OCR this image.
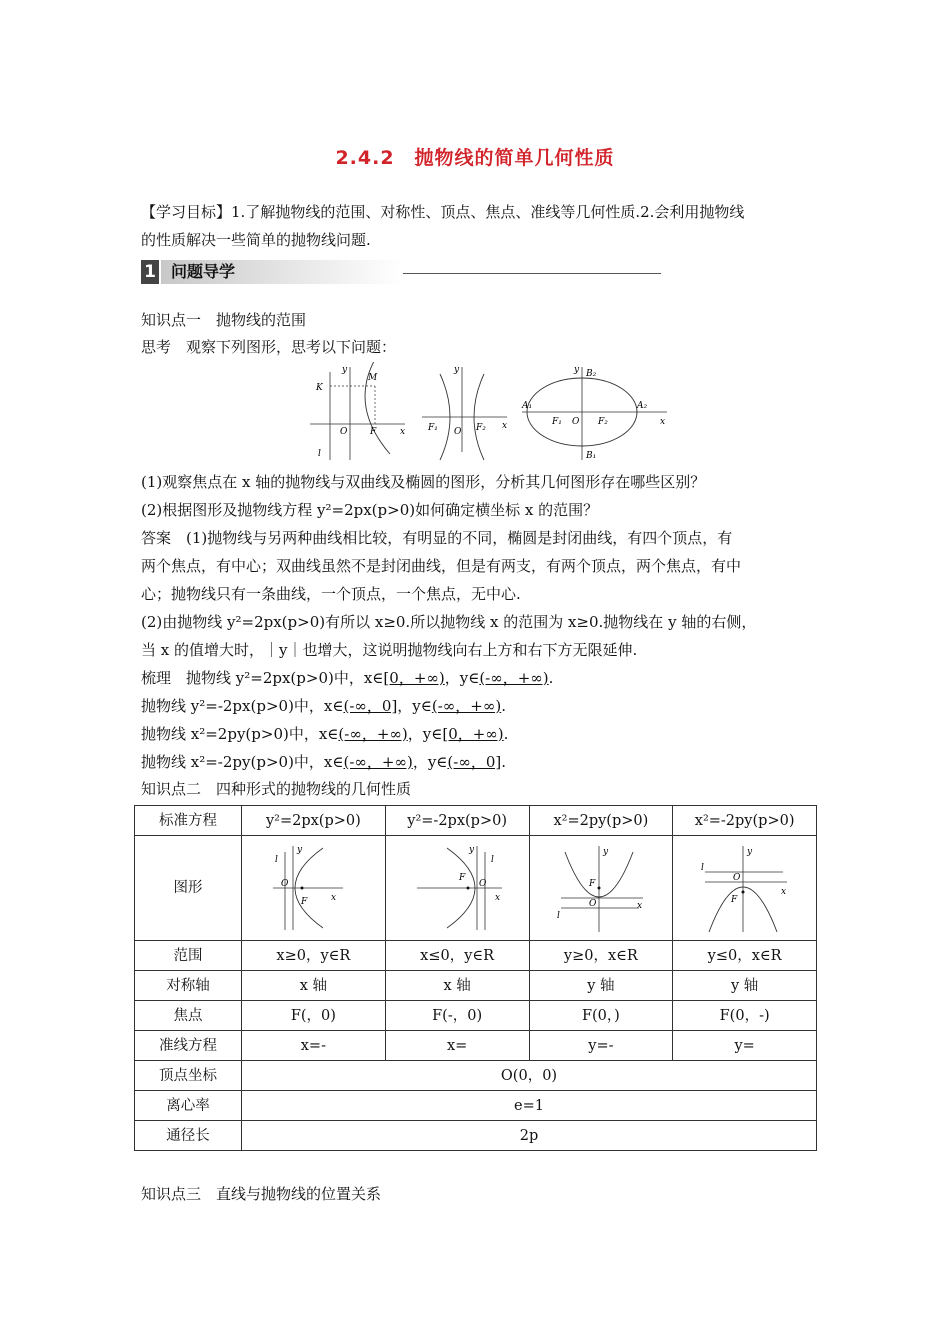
2.4.2　抛物线的简单几何性质
【学习目标】1.了解抛物线的范围、对称性、顶点、焦点、准线等几何性质.2.会利用抛物线
的性质解决一些简单的抛物线问题.
1 问题导学
知识点一　抛物线的范围
思考　观察下列图形，思考以下问题：
K
y
M
O	F	x
l
y
F₁ O F₂ x
y B₂
A₁	A₂
F₁ O F₂	x
B₁
(1)观察焦点在 x 轴的抛物线与双曲线及椭圆的图形，分析其几何图形存在哪些区别？
(2)根据图形及抛物线方程 y²=2px(p>0)如何确定横坐标 x 的范围？
答案　(1)抛物线与另两种曲线相比较，有明显的不同，椭圆是封闭曲线，有四个顶点，有
两个焦点，有中心；双曲线虽然不是封闭曲线，但是有两支，有两个顶点，两个焦点，有中
心；抛物线只有一条曲线，一个顶点，一个焦点，无中心.
(2)由抛物线 y²=2px(p>0)有所以 x≥0.所以抛物线 x 的范围为 x≥0.抛物线在 y 轴的右侧，
当 x 的值增大时，｜y｜也增大，这说明抛物线向右上方和右下方无限延伸.
梳理　抛物线 y²=2px(p>0)中，x∈[0，+∞)，y∈(-∞，+∞).
抛物线 y²=-2px(p>0)中，x∈(-∞，0]，y∈(-∞，+∞).
抛物线 x²=2py(p>0)中，x∈(-∞，+∞)，y∈[0，+∞).
抛物线 x²=-2py(p>0)中，x∈(-∞，+∞)，y∈(-∞，0].
知识点二　四种形式的抛物线的几何性质
标准方程	y²=2px(p>0)	y²=-2px(p>0)	x²=2py(p>0)	x²=-2py(p>0)
图形	l
y
O
F x	l
y
O
F
x	l
y
O
F
x	l
y
O
F
x

范围	x≥0，y∈R	x≤0，y∈R	y≥0，x∈R	y≤0，x∈R
对称轴	x 轴	x 轴	y 轴	y 轴
焦点	F(，0)	F(-，0)	F(0，)	F(0，-)
准线方程	x=-	x=	y=-	y=
顶点坐标	O(0，0)			
离心率	e=1			
通径长	2p			
知识点三　直线与抛物线的位置关系
